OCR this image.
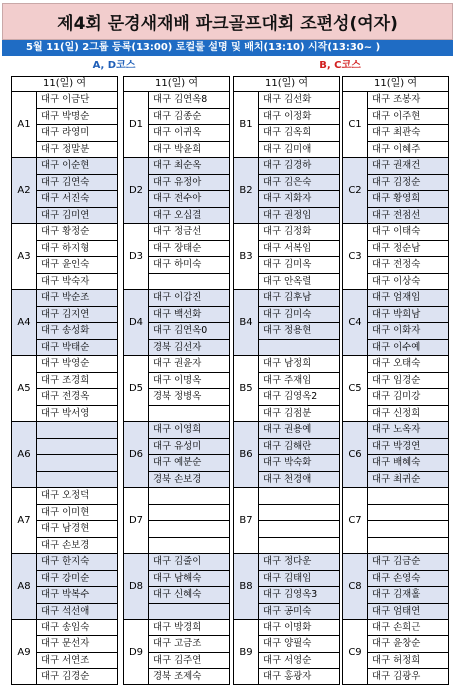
제4회 문경새재배 파크골프대회 조편성(여자)
5월 11(일) 2그룹 등록(13:00) 로컬룰 설명 및 배치(13:10) 시작(13:30~ )
A, D코스	B, C코스
11(일) 여
A1
대구 이금단
대구 박명순
대구 라영미
대구 정말분
A2
대구 이순현
대구 김연숙
대구 서진숙
대구 김미연
A3
대구 황정순
대구 하지형
대구 윤인숙
대구 박숙자
A4
대구 박순조
대구 김지연
대구 송성화
대구 박태순
A5
대구 박영순
대구 조경희
대구 전경옥
대구 박서영
A6
A7
대구 오정덕
대구 이미현
대구 남경현
대구 손보경
A8
대구 한지숙
대구 강미순
대구 박복수
대구 석선애
A9
대구 송임숙
대구 문선자
대구 서연조
대구 김경순
11(일) 여
D1
대구 김연옥8
대구 김종순
대구 이귀옥
대구 박윤희
D2
대구 최순옥
대구 유정아
대구 전수아
대구 오십결
D3
대구 정금선
대구 장태순
대구 하미숙
D4
대구 이갑진
대구 백선화
대구 김연옥0
경북 김선자
D5
대구 권윤자
대구 이명옥
경북 정병옥
D6
대구 이영희
대구 유성미
대구 예분순
경북 손보경
D7
D8
대구 김줄이
대구 남해숙
대구 신혜숙
D9
대구 박경희
대구 고금조
대구 김주연
경북 조제숙
11(일) 여
B1
대구 김선화
대구 이정화
대구 김옥희
대구 김미애
B2
대구 김경하
대구 김은숙
대구 지화자
대구 권정임
B3
대구 김정화
대구 서복임
대구 김미옥
대구 안옥렬
B4
대구 김후남
대구 김미숙
대구 정용현
B5
대구 남정희
대구 주재임
대구 김영옥2
대구 김점분
B6
대구 권용예
대구 김해란
대구 박숙화
대구 천경애
B7
B8
대구 정다운
대구 김태임
대구 김영옥3
대구 공미숙
B9
대구 이명화
대구 양필숙
대구 서영순
대구 홍광자
11(일) 여
C1
대구 조봉자
대구 이주현
대구 최관숙
대구 이혜주
C2
대구 권재건
대구 김정순
대구 황영희
대구 전점선
C3
대구 이태숙
대구 정순남
대구 전정숙
대구 이상숙
C4
대구 엄재임
대구 박희남
대구 이화자
대구 이수예
C5
대구 오태숙
대구 임경순
대구 김미강
대구 신정희
C6
대구 노옥자
대구 박경연
대구 배혜숙
대구 최귀순
C7
C8
대구 김금순
대구 손영숙
대구 김재홀
대구 엄태연
C9
대구 손희근
대구 윤창순
대구 허정희
대구 김광우
